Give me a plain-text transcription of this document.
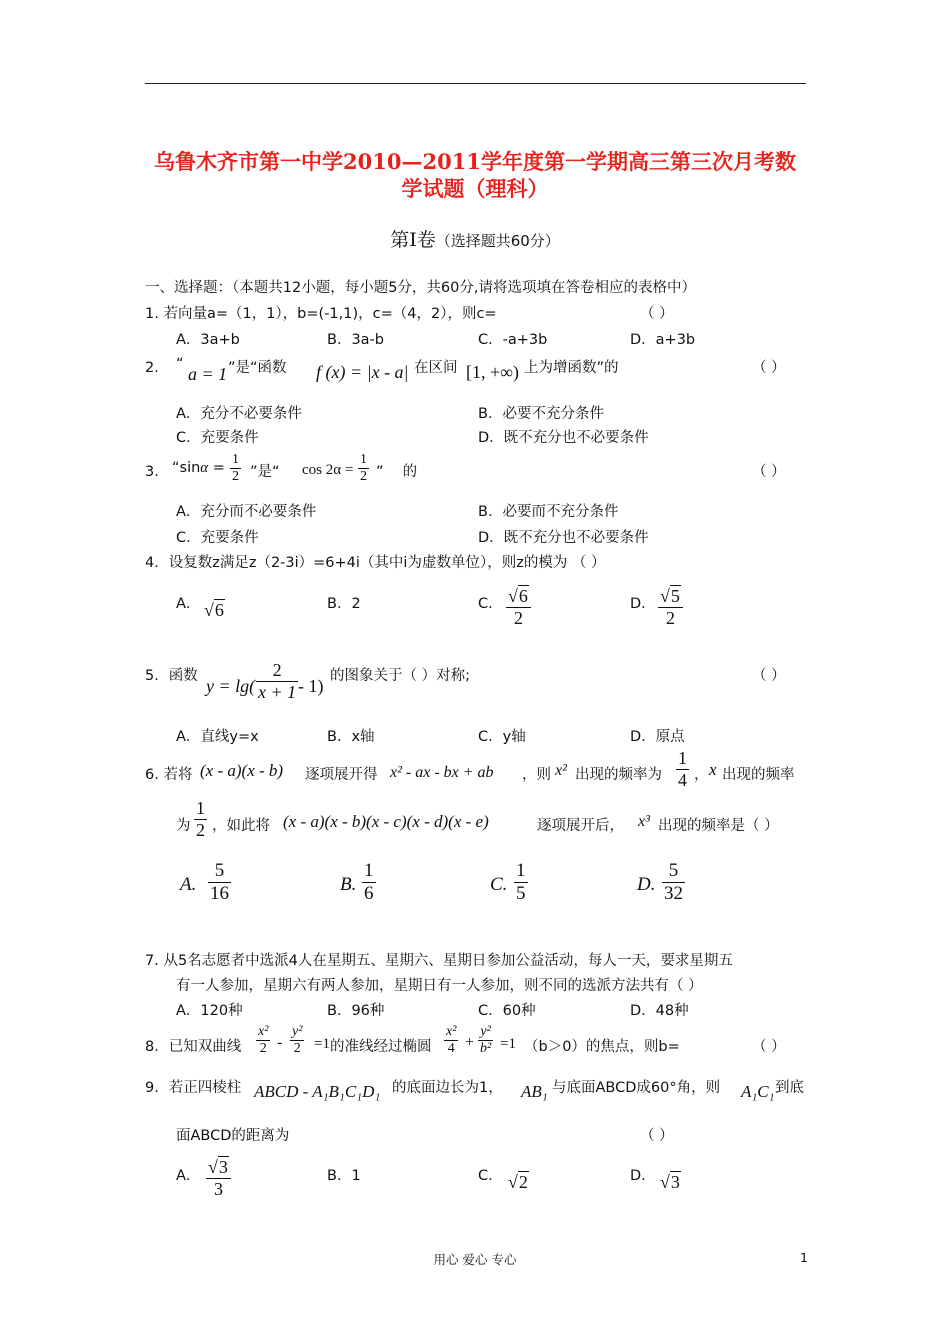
乌鲁木齐市第一中学2010—2011学年度第一学期高三第三次月考数
学试题（理科）
第Ⅰ卷（选择题共60分）
一、选择题：（本题共12小题，每小题5分，共60分,请将选项填在答卷相应的表格中）
1. 若向量a=（1，1），b=(-1,1)，c=（4，2），则c=	（ ）
A．3a+b	B．3a-b	C．-a+3b	D．a+3b
2． “ a = 1 ”是“函数 f (x) = |x - a| 在区间 [1, +∞) 上为增函数”的	（ ）
A．充分不必要条件	B．必要不充分条件
C．充要条件	D．既不充分也不必要条件
3． “$\sin\alpha = \frac{1}{2}$ ”是“ $\cos 2\alpha = \frac{1}{2}$ ”　 的	（ ）
A．充分而不必要条件	B．必要而不充分条件
C．充要条件	D．既不充分也不必要条件
4．设复数z满足z（2-3i）=6+4i（其中i为虚数单位），则z的模为 （ ）
A． √6	B．2	C． $\frac{√6}{2}$	D． $\frac{√5}{2}$
5．函数 $y = \lg( \frac{2}{x + 1} - 1)$ 的图象关于（ ）对称;	（ ）
A．直线y=x	B．x轴	C．y轴	D．原点
6. 若将 (x - a)(x - b) 逐项展开得 x² - ax - bx + ab ，则 x² 出现的频率为 $\frac{1}{4}$ ， x 出现的频率
为 $\frac{1}{2}$ ，如此将 (x - a)(x - b)(x - c)(x - d)(x - e)	逐项展开后， x³ 出现的频率是（ ）
A. $\frac{5}{16}$	B. $\frac{1}{6}$	C. $\frac{1}{5}$	D. $\frac{5}{32}$
7. 从5名志愿者中选派4人在星期五、星期六、星期日参加公益活动，每人一天，要求星期五
有一人参加，星期六有两人参加，星期日有一人参加，则不同的选派方法共有（ ）
A．120种	B．96种	C．60种	D．48种
8．已知双曲线 $\frac{\text{x²}}{2} - \frac{\text{y²}}{2} =1$ 的准线经过椭圆 $\frac{\text{x²}}{4} + \frac{\text{y²}}{\text{b²}} =1$ （b＞0）的焦点，则b=	（ ）
9．若正四棱柱 ABCD - A₁B₁C₁D₁ 的底面边长为1， AB₁ 与底面ABCD成60°角，则 A₁C₁ 到底
面ABCD的距离为	（ ）
A． $\frac{√3}{3}$	B．1	C． √2	D． √3
用心 爱心 专心	1
